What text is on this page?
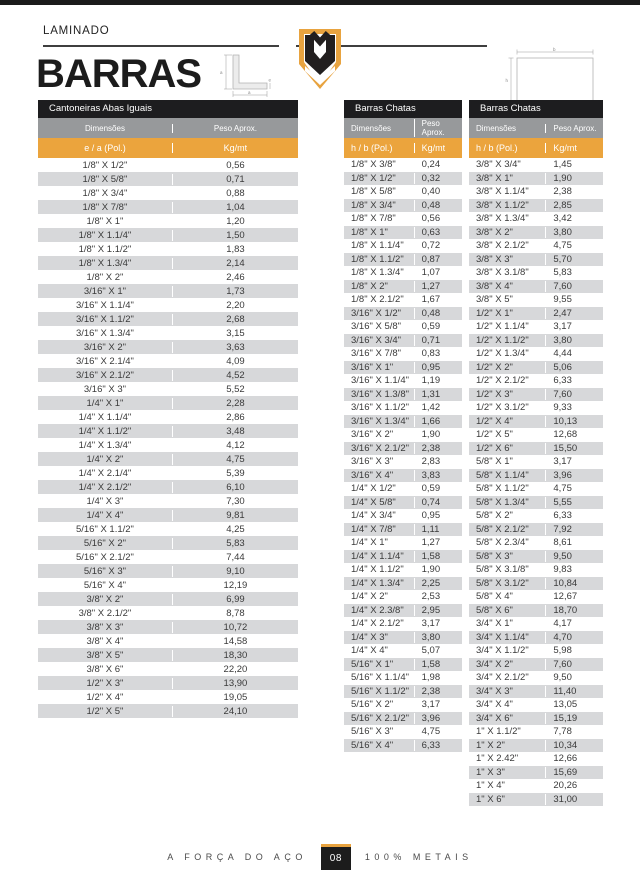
LAMINADO
BARRAS	a
a
e
b
h
Cantoneiras Abas Iguais
Dimensões	Peso Aprox.
e / a (Pol.)	Kg/mt
1/8" X 1/2"	0,56
1/8" X 5/8"	0,71
1/8" X 3/4"	0,88
1/8" X 7/8"	1,04
1/8" X 1"	1,20
1/8" X 1.1/4"	1,50
1/8" X 1.1/2"	1,83
1/8" X 1.3/4"	2,14
1/8" X 2"	2,46
3/16" X 1"	1,73
3/16" X 1.1/4"	2,20
3/16" X 1.1/2"	2,68
3/16" X 1.3/4"	3,15
3/16" X 2"	3,63
3/16" X 2.1/4"	4,09
3/16" X 2.1/2"	4,52
3/16" X 3"	5,52
1/4" X 1"	2,28
1/4" X 1.1/4"	2,86
1/4" X 1.1/2"	3,48
1/4" X 1.3/4"	4,12
1/4" X 2"	4,75
1/4" X 2.1/4"	5,39
1/4" X 2.1/2"	6,10
1/4" X 3"	7,30
1/4" X 4"	9,81
5/16" X 1.1/2"	4,25
5/16" X 2"	5,83
5/16" X 2.1/2"	7,44
5/16" X 3"	9,10
5/16" X 4"	12,19
3/8" X 2"	6,99
3/8" X 2.1/2"	8,78
3/8" X 3"	10,72
3/8" X 4"	14,58
3/8" X 5"	18,30
3/8" X 6"	22,20
1/2" X 3"	13,90
1/2" X 4"	19,05
1/2" X 5"	24,10
Barras Chatas
Dimensões	Peso Aprox.
h / b (Pol.)	Kg/mt
1/8" X 3/8"	0,24
1/8" X 1/2"	0,32
1/8" X 5/8"	0,40
1/8" X 3/4"	0,48
1/8" X 7/8"	0,56
1/8" X 1"	0,63
1/8" X 1.1/4"	0,72
1/8" X 1.1/2"	0,87
1/8" X 1.3/4"	1,07
1/8" X 2"	1,27
1/8" X 2.1/2"	1,67
3/16" X 1/2"	0,48
3/16" X 5/8"	0,59
3/16" X 3/4"	0,71
3/16" X 7/8"	0,83
3/16" X 1"	0,95
3/16" X 1.1/4"	1,19
3/16" X 1.3/8"	1,31
3/16" X 1.1/2"	1,42
3/16" X 1.3/4"	1,66
3/16" X 2"	1,90
3/16" X 2.1/2"	2,38
3/16" X 3"	2,83
3/16" X 4"	3,83
1/4" X 1/2"	0,59
1/4" X 5/8"	0,74
1/4" X 3/4"	0,95
1/4" X 7/8"	1,11
1/4" X 1"	1,27
1/4" X 1.1/4"	1,58
1/4" X 1.1/2"	1,90
1/4" X 1.3/4"	2,25
1/4" X 2"	2,53
1/4" X 2.3/8"	2,95
1/4" X 2.1/2"	3,17
1/4" X 3"	3,80
1/4" X 4"	5,07
5/16" X 1"	1,58
5/16" X 1.1/4"	1,98
5/16" X 1.1/2"	2,38
5/16" X 2"	3,17
5/16" X 2.1/2"	3,96
5/16" X 3"	4,75
5/16" X 4"	6,33
Barras Chatas
Dimensões	Peso Aprox.
h / b (Pol.)	Kg/mt
3/8" X 3/4"	1,45
3/8" X 1"	1,90
3/8" X 1.1/4"	2,38
3/8" X 1.1/2"	2,85
3/8" X 1.3/4"	3,42
3/8" X 2"	3,80
3/8" X 2.1/2"	4,75
3/8" X 3"	5,70
3/8" X 3.1/8"	5,83
3/8" X 4"	7,60
3/8" X 5"	9,55
1/2" X 1"	2,47
1/2" X 1.1/4"	3,17
1/2" X 1.1/2"	3,80
1/2" X 1.3/4"	4,44
1/2" X 2"	5,06
1/2" X 2.1/2"	6,33
1/2" X 3"	7,60
1/2" X 3.1/2"	9,33
1/2" X 4"	10,13
1/2" X 5"	12,68
1/2" X 6"	15,50
5/8" X 1"	3,17
5/8" X 1.1/4"	3,96
5/8" X 1.1/2"	4,75
5/8" X 1.3/4"	5,55
5/8" X 2"	6,33
5/8" X 2.1/2"	7,92
5/8" X 2.3/4"	8,61
5/8" X 3"	9,50
5/8" X 3.1/8"	9,83
5/8" X 3.1/2"	10,84
5/8" X 4"	12,67
5/8" X 6"	18,70
3/4" X 1"	4,17
3/4" X 1.1/4"	4,70
3/4" X 1.1/2"	5,98
3/4" X 2"	7,60
3/4" X 2.1/2"	9,50
3/4" X 3"	11,40
3/4" X 4"	13,05
3/4" X 6"	15,19
1" X 1.1/2"	7,78
1" X 2"	10,34
1" X 2.42"	12,66
1" X 3"	15,69
1" X 4"	20,26
1" X 6"	31,00
A FORÇA DO AÇO	08	100% METAIS
